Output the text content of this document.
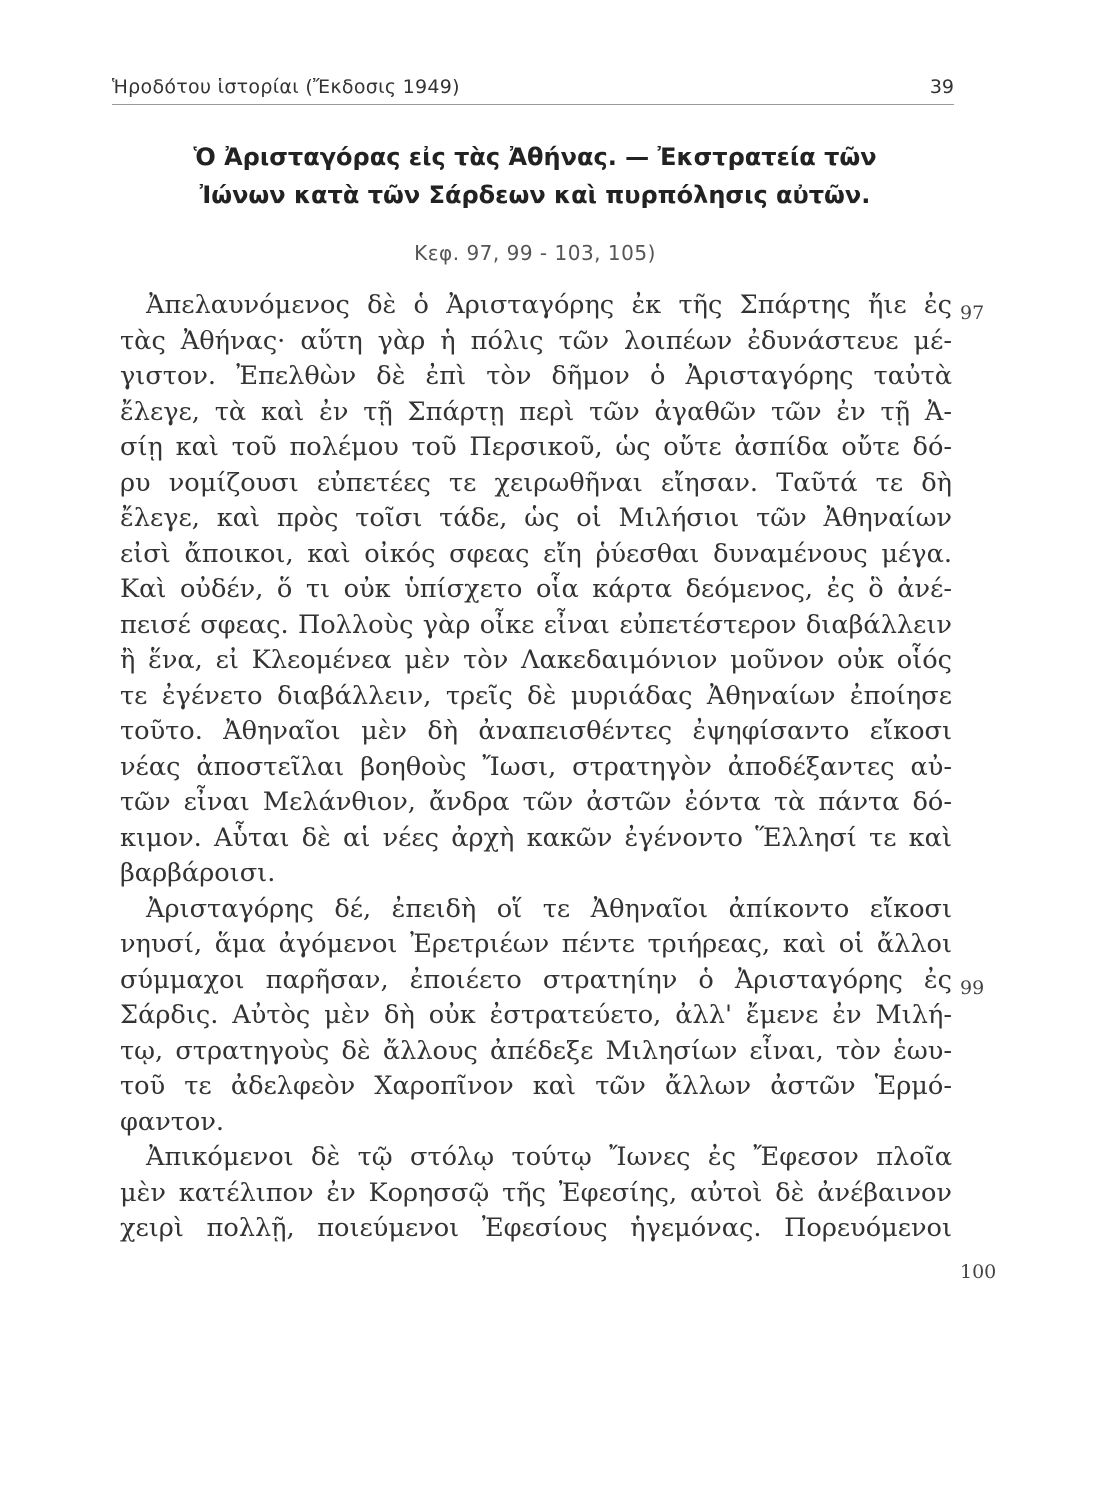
Ἡροδότου ἱστορίαι (Ἔκδοσις 1949)	39
Ὁ Ἀρισταγόρας εἰς τὰς Ἀθήνας. — Ἐκστρατεία τῶν
Ἰώνων κατὰ τῶν Σάρδεων καὶ πυρπόλησις αὐτῶν.
Κεφ. 97, 99 - 103, 105)
97
99
100
Ἀπελαυνόμενος δὲ ὁ Ἀρισταγόρης ἐκ τῆς Σπάρτης ἤιε ἐς
τὰς Ἀθήνας· αὕτη γὰρ ἡ πόλις τῶν λοιπέων ἐδυνάστευε μέ-
γιστον. Ἐπελθὼν δὲ ἐπὶ τὸν δῆμον ὁ Ἀρισταγόρης ταὐτὰ
ἔλεγε, τὰ καὶ ἐν τῇ Σπάρτῃ περὶ τῶν ἀγαθῶν τῶν ἐν τῇ Ἀ-
σίῃ καὶ τοῦ πολέμου τοῦ Περσικοῦ, ὡς οὔτε ἀσπίδα οὔτε δό-
ρυ νομίζουσι εὐπετέες τε χειρωθῆναι εἴησαν. Ταῦτά τε δὴ
ἔλεγε, καὶ πρὸς τοῖσι τάδε, ὡς οἱ Μιλήσιοι τῶν Ἀθηναίων
εἰσὶ ἄποικοι, καὶ οἰκός σφεας εἴη ῥύεσθαι δυναμένους μέγα.
Καὶ οὐδέν, ὅ τι οὐκ ὑπίσχετο οἷα κάρτα δεόμενος, ἐς ὃ ἀνέ-
πεισέ σφεας. Πολλοὺς γὰρ οἶκε εἶναι εὐπετέστερον διαβάλλειν
ἢ ἕνα, εἰ Κλεομένεα μὲν τὸν Λακεδαιμόνιον μοῦνον οὐκ οἷός
τε ἐγένετο διαβάλλειν, τρεῖς δὲ μυριάδας Ἀθηναίων ἐποίησε
τοῦτο. Ἀθηναῖοι μὲν δὴ ἀναπεισθέντες ἐψηφίσαντο εἴκοσι
νέας ἀποστεῖλαι βοηθοὺς Ἴωσι, στρατηγὸν ἀποδέξαντες αὐ-
τῶν εἶναι Μελάνθιον, ἄνδρα τῶν ἀστῶν ἐόντα τὰ πάντα δό-
κιμον. Αὗται δὲ αἱ νέες ἀρχὴ κακῶν ἐγένοντο Ἕλλησί τε καὶ
βαρβάροισι.
Ἀρισταγόρης δέ, ἐπειδὴ οἵ τε Ἀθηναῖοι ἀπίκοντο εἴκοσι
νηυσί, ἅμα ἀγόμενοι Ἐρετριέων πέντε τριήρεας, καὶ οἱ ἄλλοι
σύμμαχοι παρῆσαν, ἐποιέετο στρατηίην ὁ Ἀρισταγόρης ἐς
Σάρδις. Αὐτὸς μὲν δὴ οὐκ ἐστρατεύετο, ἀλλ' ἔμενε ἐν Μιλή-
τῳ, στρατηγοὺς δὲ ἄλλους ἀπέδεξε Μιλησίων εἶναι, τὸν ἑωυ-
τοῦ τε ἀδελφεὸν Χαροπῖνον καὶ τῶν ἄλλων ἀστῶν Ἑρμό-
φαντον.
Ἀπικόμενοι δὲ τῷ στόλῳ τούτῳ Ἴωνες ἐς Ἔφεσον πλοῖα
μὲν κατέλιπον ἐν Κορησσῷ τῆς Ἐφεσίης, αὐτοὶ δὲ ἀνέβαινον
χειρὶ πολλῇ, ποιεύμενοι Ἐφεσίους ἡγεμόνας. Πορευόμενοι
